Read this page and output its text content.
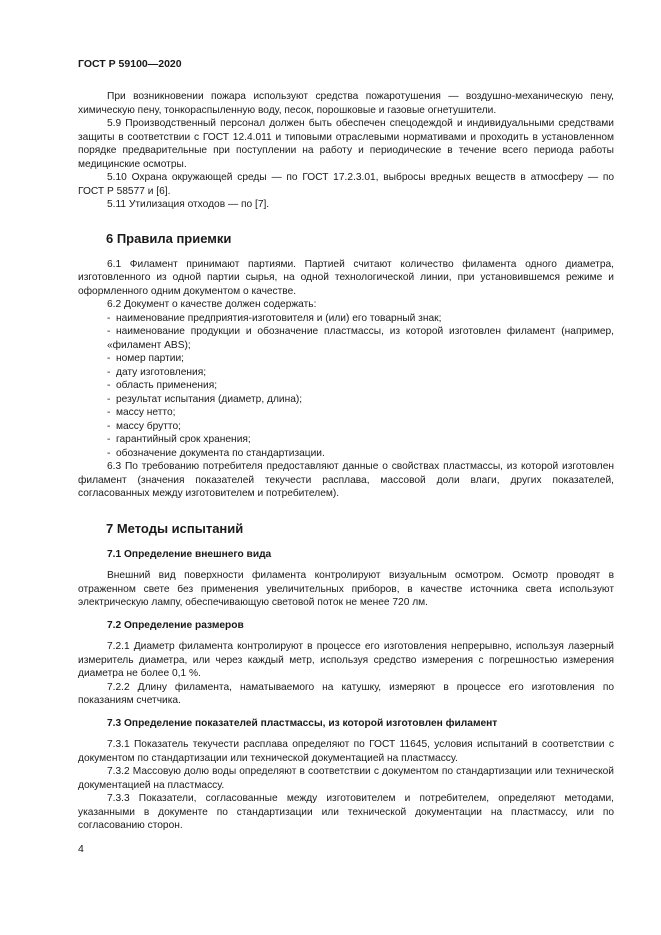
ГОСТ Р 59100—2020

При возникновении пожара используют средства пожаротушения — воздушно-механическую пену, химическую пену, тонкораспыленную воду, песок, порошковые и газовые огнетушители.

5.9 Производственный персонал должен быть обеспечен спецодеждой и индивидуальными средствами защиты в соответствии с ГОСТ 12.4.011 и типовыми отраслевыми нормативами и проходить в установленном порядке предварительные при поступлении на работу и периодические в течение всего периода работы медицинские осмотры.

5.10 Охрана окружающей среды — по ГОСТ 17.2.3.01, выбросы вредных веществ в атмосферу — по ГОСТ Р 58577 и [6].

5.11 Утилизация отходов — по [7].

6 Правила приемки

6.1 Филамент принимают партиями. Партией считают количество филамента одного диаметра, изготовленного из одной партии сырья, на одной технологической линии, при установившемся режиме и оформленного одним документом о качестве.

6.2 Документ о качестве должен содержать:

- наименование предприятия-изготовителя и (или) его товарный знак;

- наименование продукции и обозначение пластмассы, из которой изготовлен филамент (например, «филамент ABS);

- номер партии;

- дату изготовления;

- область применения;

- результат испытания (диаметр, длина);

- массу нетто;

- массу брутто;

- гарантийный срок хранения;

- обозначение документа по стандартизации.

6.3 По требованию потребителя предоставляют данные о свойствах пластмассы, из которой изготовлен филамент (значения показателей текучести расплава, массовой доли влаги, других показателей, согласованных между изготовителем и потребителем).

7 Методы испытаний
7.1 Определение внешнего вида

Внешний вид поверхности филамента контролируют визуальным осмотром. Осмотр проводят в отраженном свете без применения увеличительных приборов, в качестве источника света используют электрическую лампу, обеспечивающую световой поток не менее 720 лм.

7.2 Определение размеров

7.2.1 Диаметр филамента контролируют в процессе его изготовления непрерывно, используя лазерный измеритель диаметра, или через каждый метр, используя средство измерения с погрешностью измерения диаметра не более 0,1 %.

7.2.2 Длину филамента, наматываемого на катушку, измеряют в процессе его изготовления по показаниям счетчика.

7.3 Определение показателей пластмассы, из которой изготовлен филамент

7.3.1 Показатель текучести расплава определяют по ГОСТ 11645, условия испытаний в соответствии с документом по стандартизации или технической документацией на пластмассу.

7.3.2 Массовую долю воды определяют в соответствии с документом по стандартизации или технической документацией на пластмассу.

7.3.3 Показатели, согласованные между изготовителем и потребителем, определяют методами, указанными в документе по стандартизации или технической документации на пластмассу, или по согласованию сторон.

4
